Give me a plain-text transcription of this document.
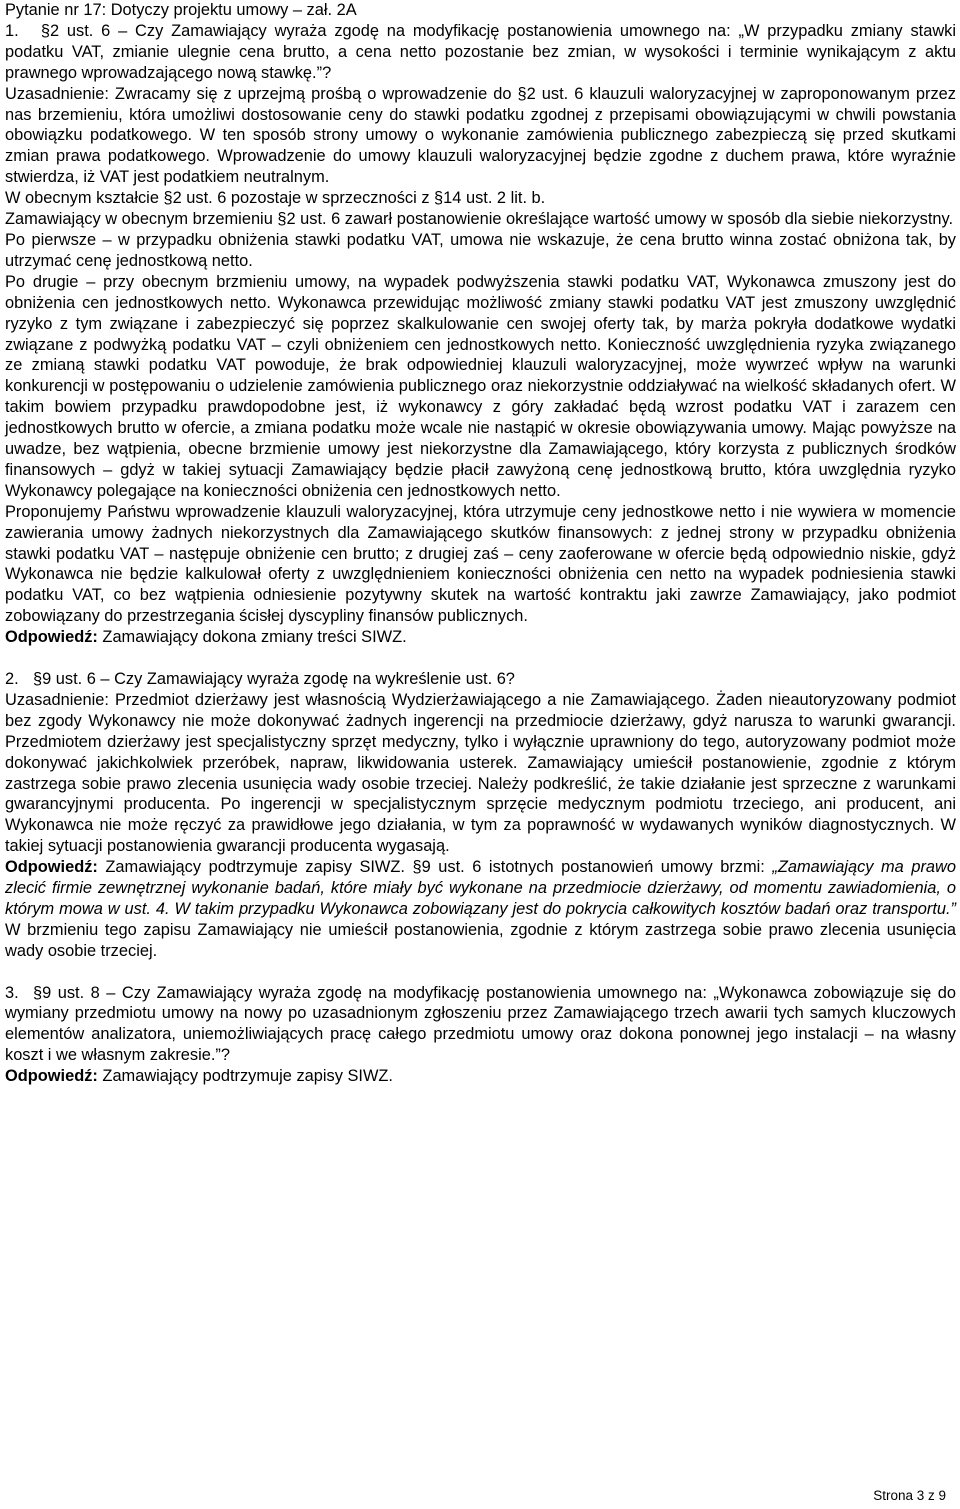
Pytanie nr 17: Dotyczy projektu umowy – zał. 2A

1. §2 ust. 6 – Czy Zamawiający wyraża zgodę na modyfikację postanowienia umownego na: „W przypadku zmiany stawki podatku VAT, zmianie ulegnie cena brutto, a cena netto pozostanie bez zmian, w wysokości i terminie wynikającym z aktu prawnego wprowadzającego nową stawkę.”?

Uzasadnienie: Zwracamy się z uprzejmą prośbą o wprowadzenie do §2 ust. 6 klauzuli waloryzacyjnej w zaproponowanym przez nas brzemieniu, która umożliwi dostosowanie ceny do stawki podatku zgodnej z przepisami obowiązującymi w chwili powstania obowiązku podatkowego. W ten sposób strony umowy o wykonanie zamówienia publicznego zabezpieczą się przed skutkami zmian prawa podatkowego. Wprowadzenie do umowy klauzuli waloryzacyjnej będzie zgodne z duchem prawa, które wyraźnie stwierdza, iż VAT jest podatkiem neutralnym.

W obecnym kształcie §2 ust. 6 pozostaje w sprzeczności z §14 ust. 2 lit. b.

Zamawiający w obecnym brzemieniu §2 ust. 6 zawarł postanowienie określające wartość umowy w sposób dla siebie niekorzystny.

Po pierwsze – w przypadku obniżenia stawki podatku VAT, umowa nie wskazuje, że cena brutto winna zostać obniżona tak, by utrzymać cenę jednostkową netto.

Po drugie – przy obecnym brzmieniu umowy, na wypadek podwyższenia stawki podatku VAT, Wykonawca zmuszony jest do obniżenia cen jednostkowych netto. Wykonawca przewidując możliwość zmiany stawki podatku VAT jest zmuszony uwzględnić ryzyko z tym związane i zabezpieczyć się poprzez skalkulowanie cen swojej oferty tak, by marża pokryła dodatkowe wydatki związane z podwyżką podatku VAT – czyli obniżeniem cen jednostkowych netto. Konieczność uwzględnienia ryzyka związanego ze zmianą stawki podatku VAT powoduje, że brak odpowiedniej klauzuli waloryzacyjnej, może wywrzeć wpływ na warunki konkurencji w postępowaniu o udzielenie zamówienia publicznego oraz niekorzystnie oddziaływać na wielkość składanych ofert. W takim bowiem przypadku prawdopodobne jest, iż wykonawcy z góry zakładać będą wzrost podatku VAT i zarazem cen jednostkowych brutto w ofercie, a zmiana podatku może wcale nie nastąpić w okresie obowiązywania umowy. Mając powyższe na uwadze, bez wątpienia, obecne brzmienie umowy jest niekorzystne dla Zamawiającego, który korzysta z publicznych środków finansowych – gdyż w takiej sytuacji Zamawiający będzie płacił zawyżoną cenę jednostkową brutto, która uwzględnia ryzyko Wykonawcy polegające na konieczności obniżenia cen jednostkowych netto.

Proponujemy Państwu wprowadzenie klauzuli waloryzacyjnej, która utrzymuje ceny jednostkowe netto i nie wywiera w momencie zawierania umowy żadnych niekorzystnych dla Zamawiającego skutków finansowych: z jednej strony w przypadku obniżenia stawki podatku VAT – następuje obniżenie cen brutto; z drugiej zaś – ceny zaoferowane w ofercie będą odpowiednio niskie, gdyż Wykonawca nie będzie kalkulował oferty z uwzględnieniem konieczności obniżenia cen netto na wypadek podniesienia stawki podatku VAT, co bez wątpienia odniesienie pozytywny skutek na wartość kontraktu jaki zawrze Zamawiający, jako podmiot zobowiązany do przestrzegania ścisłej dyscypliny finansów publicznych.

Odpowiedź: Zamawiający dokona zmiany treści SIWZ.

2. §9 ust. 6 – Czy Zamawiający wyraża zgodę na wykreślenie ust. 6?

Uzasadnienie: Przedmiot dzierżawy jest własnością Wydzierżawiającego a nie Zamawiającego. Żaden nieautoryzowany podmiot bez zgody Wykonawcy nie może dokonywać żadnych ingerencji na przedmiocie dzierżawy, gdyż narusza to warunki gwarancji. Przedmiotem dzierżawy jest specjalistyczny sprzęt medyczny, tylko i wyłącznie uprawniony do tego, autoryzowany podmiot może dokonywać jakichkolwiek przeróbek, napraw, likwidowania usterek. Zamawiający umieścił postanowienie, zgodnie z którym zastrzega sobie prawo zlecenia usunięcia wady osobie trzeciej. Należy podkreślić, że takie działanie jest sprzeczne z warunkami gwarancyjnymi producenta. Po ingerencji w specjalistycznym sprzęcie medycznym podmiotu trzeciego, ani producent, ani Wykonawca nie może ręczyć za prawidłowe jego działania, w tym za poprawność w wydawanych wyników diagnostycznych. W takiej sytuacji postanowienia gwarancji producenta wygasają.

Odpowiedź: Zamawiający podtrzymuje zapisy SIWZ. §9 ust. 6 istotnych postanowień umowy brzmi: „Zamawiający ma prawo zlecić firmie zewnętrznej wykonanie badań, które miały być wykonane na przedmiocie dzierżawy, od momentu zawiadomienia, o którym mowa w ust. 4. W takim przypadku Wykonawca zobowiązany jest do pokrycia całkowitych kosztów badań oraz transportu.” W brzmieniu tego zapisu Zamawiający nie umieścił postanowienia, zgodnie z którym zastrzega sobie prawo zlecenia usunięcia wady osobie trzeciej.

3. §9 ust. 8 – Czy Zamawiający wyraża zgodę na modyfikację postanowienia umownego na: „Wykonawca zobowiązuje się do wymiany przedmiotu umowy na nowy po uzasadnionym zgłoszeniu przez Zamawiającego trzech awarii tych samych kluczowych elementów analizatora, uniemożliwiających pracę całego przedmiotu umowy oraz dokona ponownej jego instalacji – na własny koszt i we własnym zakresie.”?

Odpowiedź: Zamawiający podtrzymuje zapisy SIWZ.

Strona 3 z 9
